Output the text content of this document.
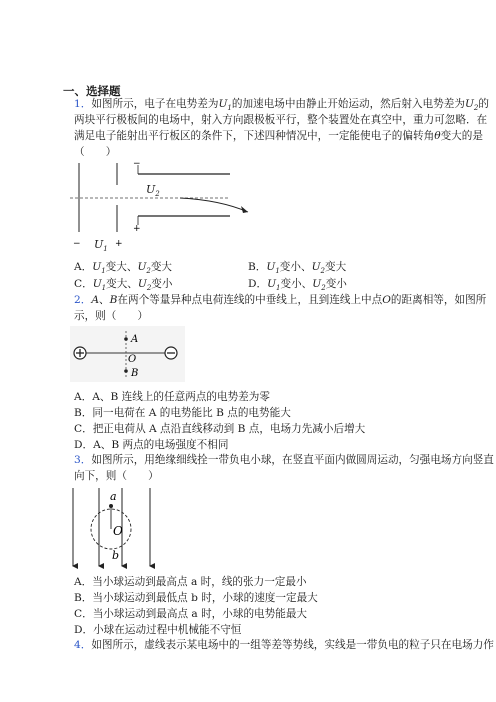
一、选择题
1．如图所示，电子在电势差为$U_1$的加速电场中由静止开始运动，然后射入电势差为$U_2$的
两块平行极板间的电场中，射入方向跟极板平行，整个装置处在真空中，重力可忽略．在
满足电子能射出平行板区的条件下，下述四种情况中，一定能使电子的偏转角θ变大的是
（　　）
−
+
−	+
$U_2$
$U_1$
A．$U_1$变大、$U_2$变大	B．$U_1$变小、$U_2$变大
C．$U_1$变大、$U_2$变小	D．$U_1$变小、$U_2$变小
2．A、B在两个等量异种点电荷连线的中垂线上，且到连线上中点O的距离相等，如图所
示，则（　　）
A
O
B
A．A、B 连线上的任意两点的电势差为零
B．同一电荷在 A 的电势能比 B 点的电势能大
C．把正电荷从 A 点沿直线移动到 B 点，电场力先减小后增大
D．A、B 两点的电场强度不相同
3．如图所示，用绝缘细线拴一带负电小球，在竖直平面内做圆周运动，匀强电场方向竖直
向下，则（　　）
a
O
b
A．当小球运动到最高点 a 时，线的张力一定最小
B．当小球运动到最低点 b 时，小球的速度一定最大
C．当小球运动到最高点 a 时，小球的电势能最大
D．小球在运动过程中机械能不守恒
4．如图所示，虚线表示某电场中的一组等差等势线，实线是一带负电的粒子只在电场力作
